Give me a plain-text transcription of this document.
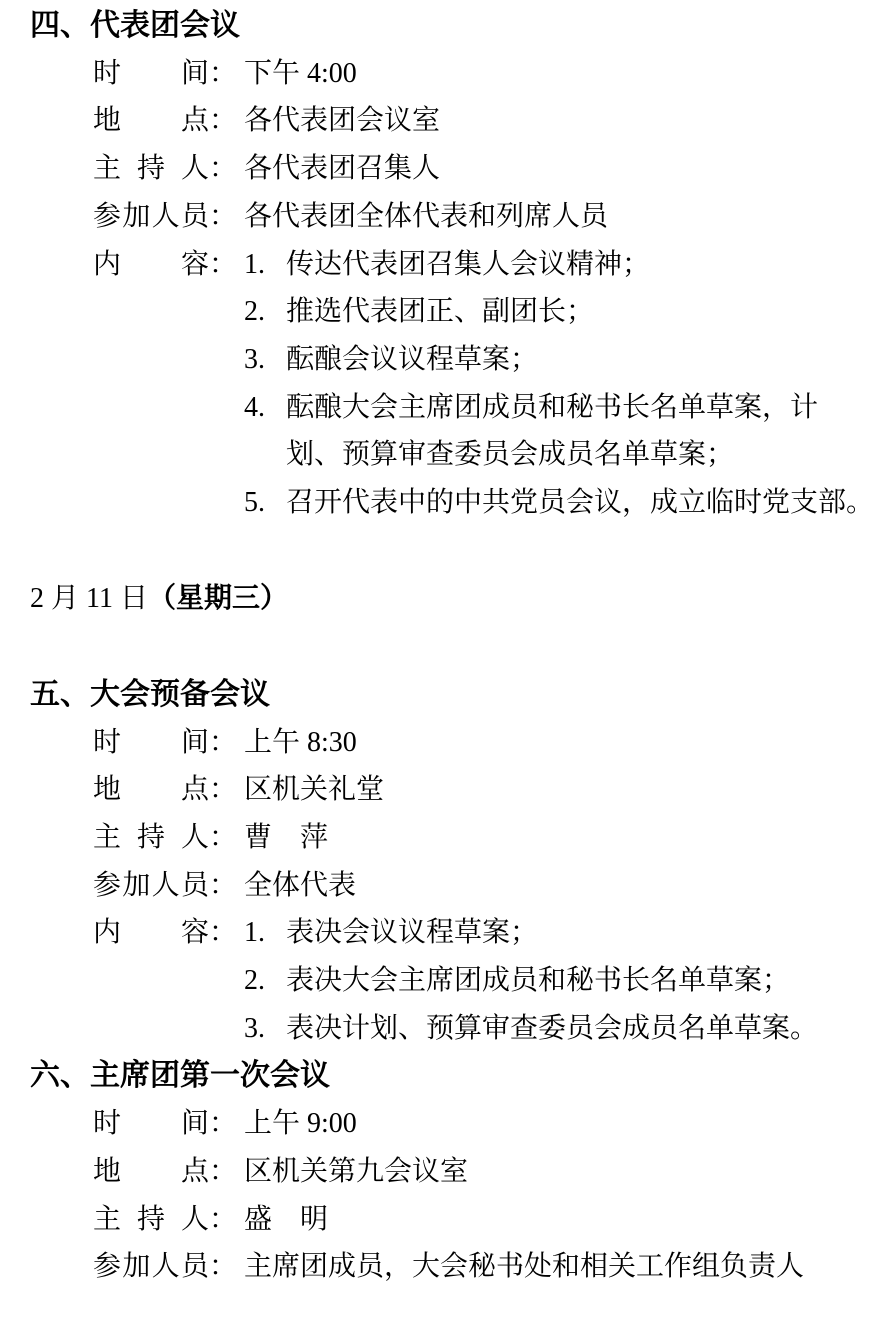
四、代表团会议
时间 ： 下午 4:00
地点 ： 各代表团会议室
主持人 ： 各代表团召集人
参加人员 ： 各代表团全体代表和列席人员
内容 ： 1. 传达代表团召集人会议精神；
2. 推选代表团正、副团长；
3. 酝酿会议议程草案；
4. 酝酿大会主席团成员和秘书长名单草案，计
划、预算审查委员会成员名单草案；
5. 召开代表中的中共党员会议，成立临时党支部。
2 月 11 日（星期三）
五、大会预备会议
时间 ： 上午 8:30
地点 ： 区机关礼堂
主持人 ： 曹　萍
参加人员 ： 全体代表
内容 ： 1. 表决会议议程草案；
2. 表决大会主席团成员和秘书长名单草案；
3. 表决计划、预算审查委员会成员名单草案。
六、主席团第一次会议
时间 ： 上午 9:00
地点 ： 区机关第九会议室
主持人 ： 盛　明
参加人员 ： 主席团成员，大会秘书处和相关工作组负责人
